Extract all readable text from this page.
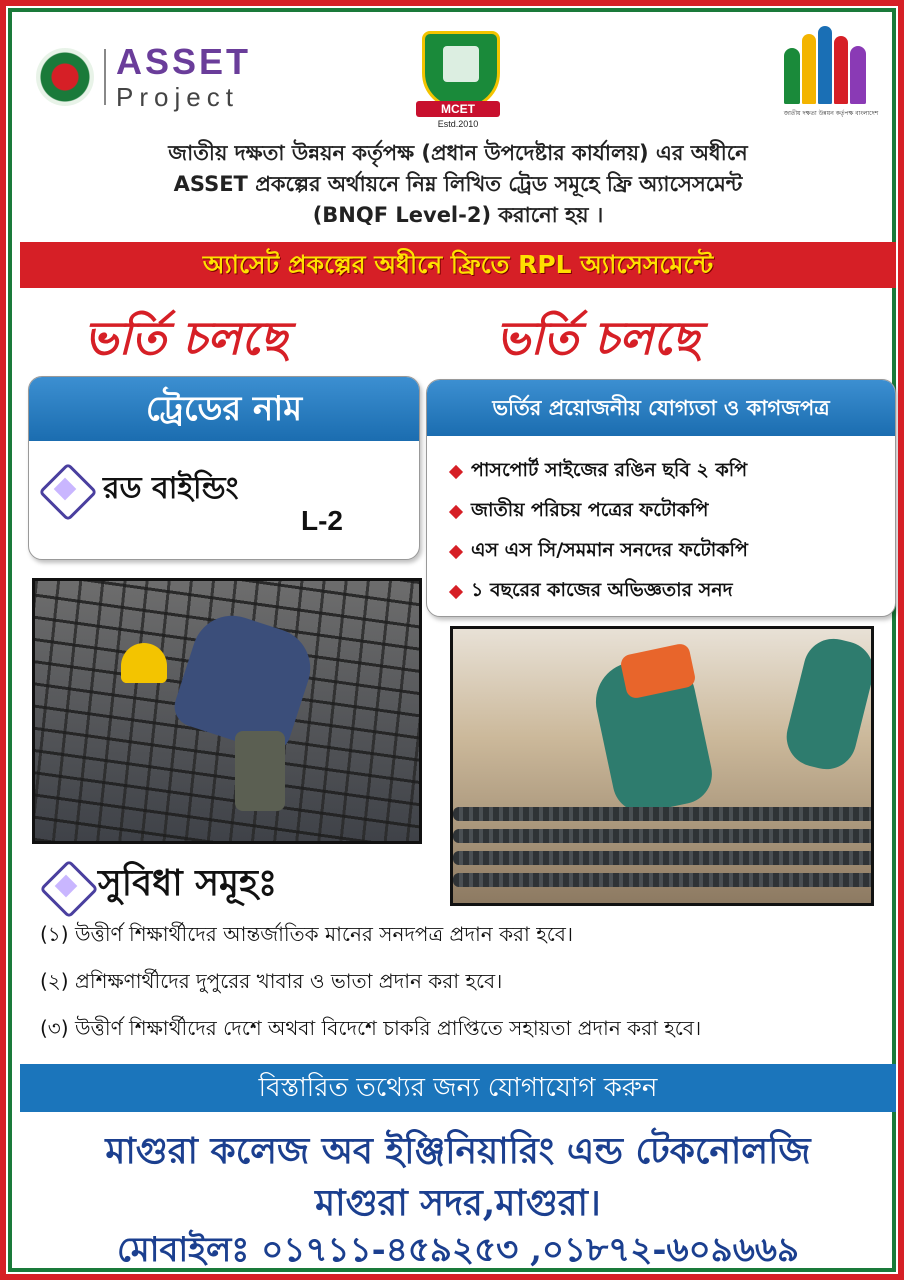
ASSET
Project	MCET
Estd.2010
জাতীয় দক্ষতা উন্নয়ন কর্তৃপক্ষ বাংলাদেশ
জাতীয় দক্ষতা উন্নয়ন কর্তৃপক্ষ (প্রধান উপদেষ্টার কার্যালয়) এর অধীনে
ASSET প্রকল্পের অর্থায়নে নিম্ন লিখিত ট্রেড সমূহে ফ্রি অ্যাসেসমেন্ট
(BNQF Level-2) করানো হয় ।
অ্যাসেট প্রকল্পের অধীনে ফ্রিতে RPL অ্যাসেসমেন্টে
ভর্তি চলছে	ভর্তি চলছে
ট্রেডের নাম
রড বাইন্ডিং
L-2
ভর্তির প্রয়োজনীয় যোগ্যতা ও কাগজপত্র
পাসপোর্ট সাইজের রঙিন ছবি ২ কপি
জাতীয় পরিচয় পত্রের ফটোকপি
এস এস সি/সমমান সনদের ফটোকপি
১ বছরের কাজের অভিজ্ঞতার সনদ
সুবিধা সমূহঃ
(১) উত্তীর্ণ শিক্ষার্থীদের আন্তর্জাতিক মানের সনদপত্র প্রদান করা হবে।
(২) প্রশিক্ষণার্থীদের দুপুরের খাবার ও ভাতা প্রদান করা হবে।
(৩) উত্তীর্ণ শিক্ষার্থীদের দেশে অথবা বিদেশে চাকরি প্রাপ্তিতে সহায়তা প্রদান করা হবে।
বিস্তারিত তথ্যের জন্য যোগাযোগ করুন
মাগুরা কলেজ অব ইঞ্জিনিয়ারিং এন্ড টেকনোলজি
মাগুরা সদর,মাগুরা।
মোবাইলঃ ০১৭১১-৪৫৯২৫৩ ,০১৮৭২-৬০৯৬৬৯
